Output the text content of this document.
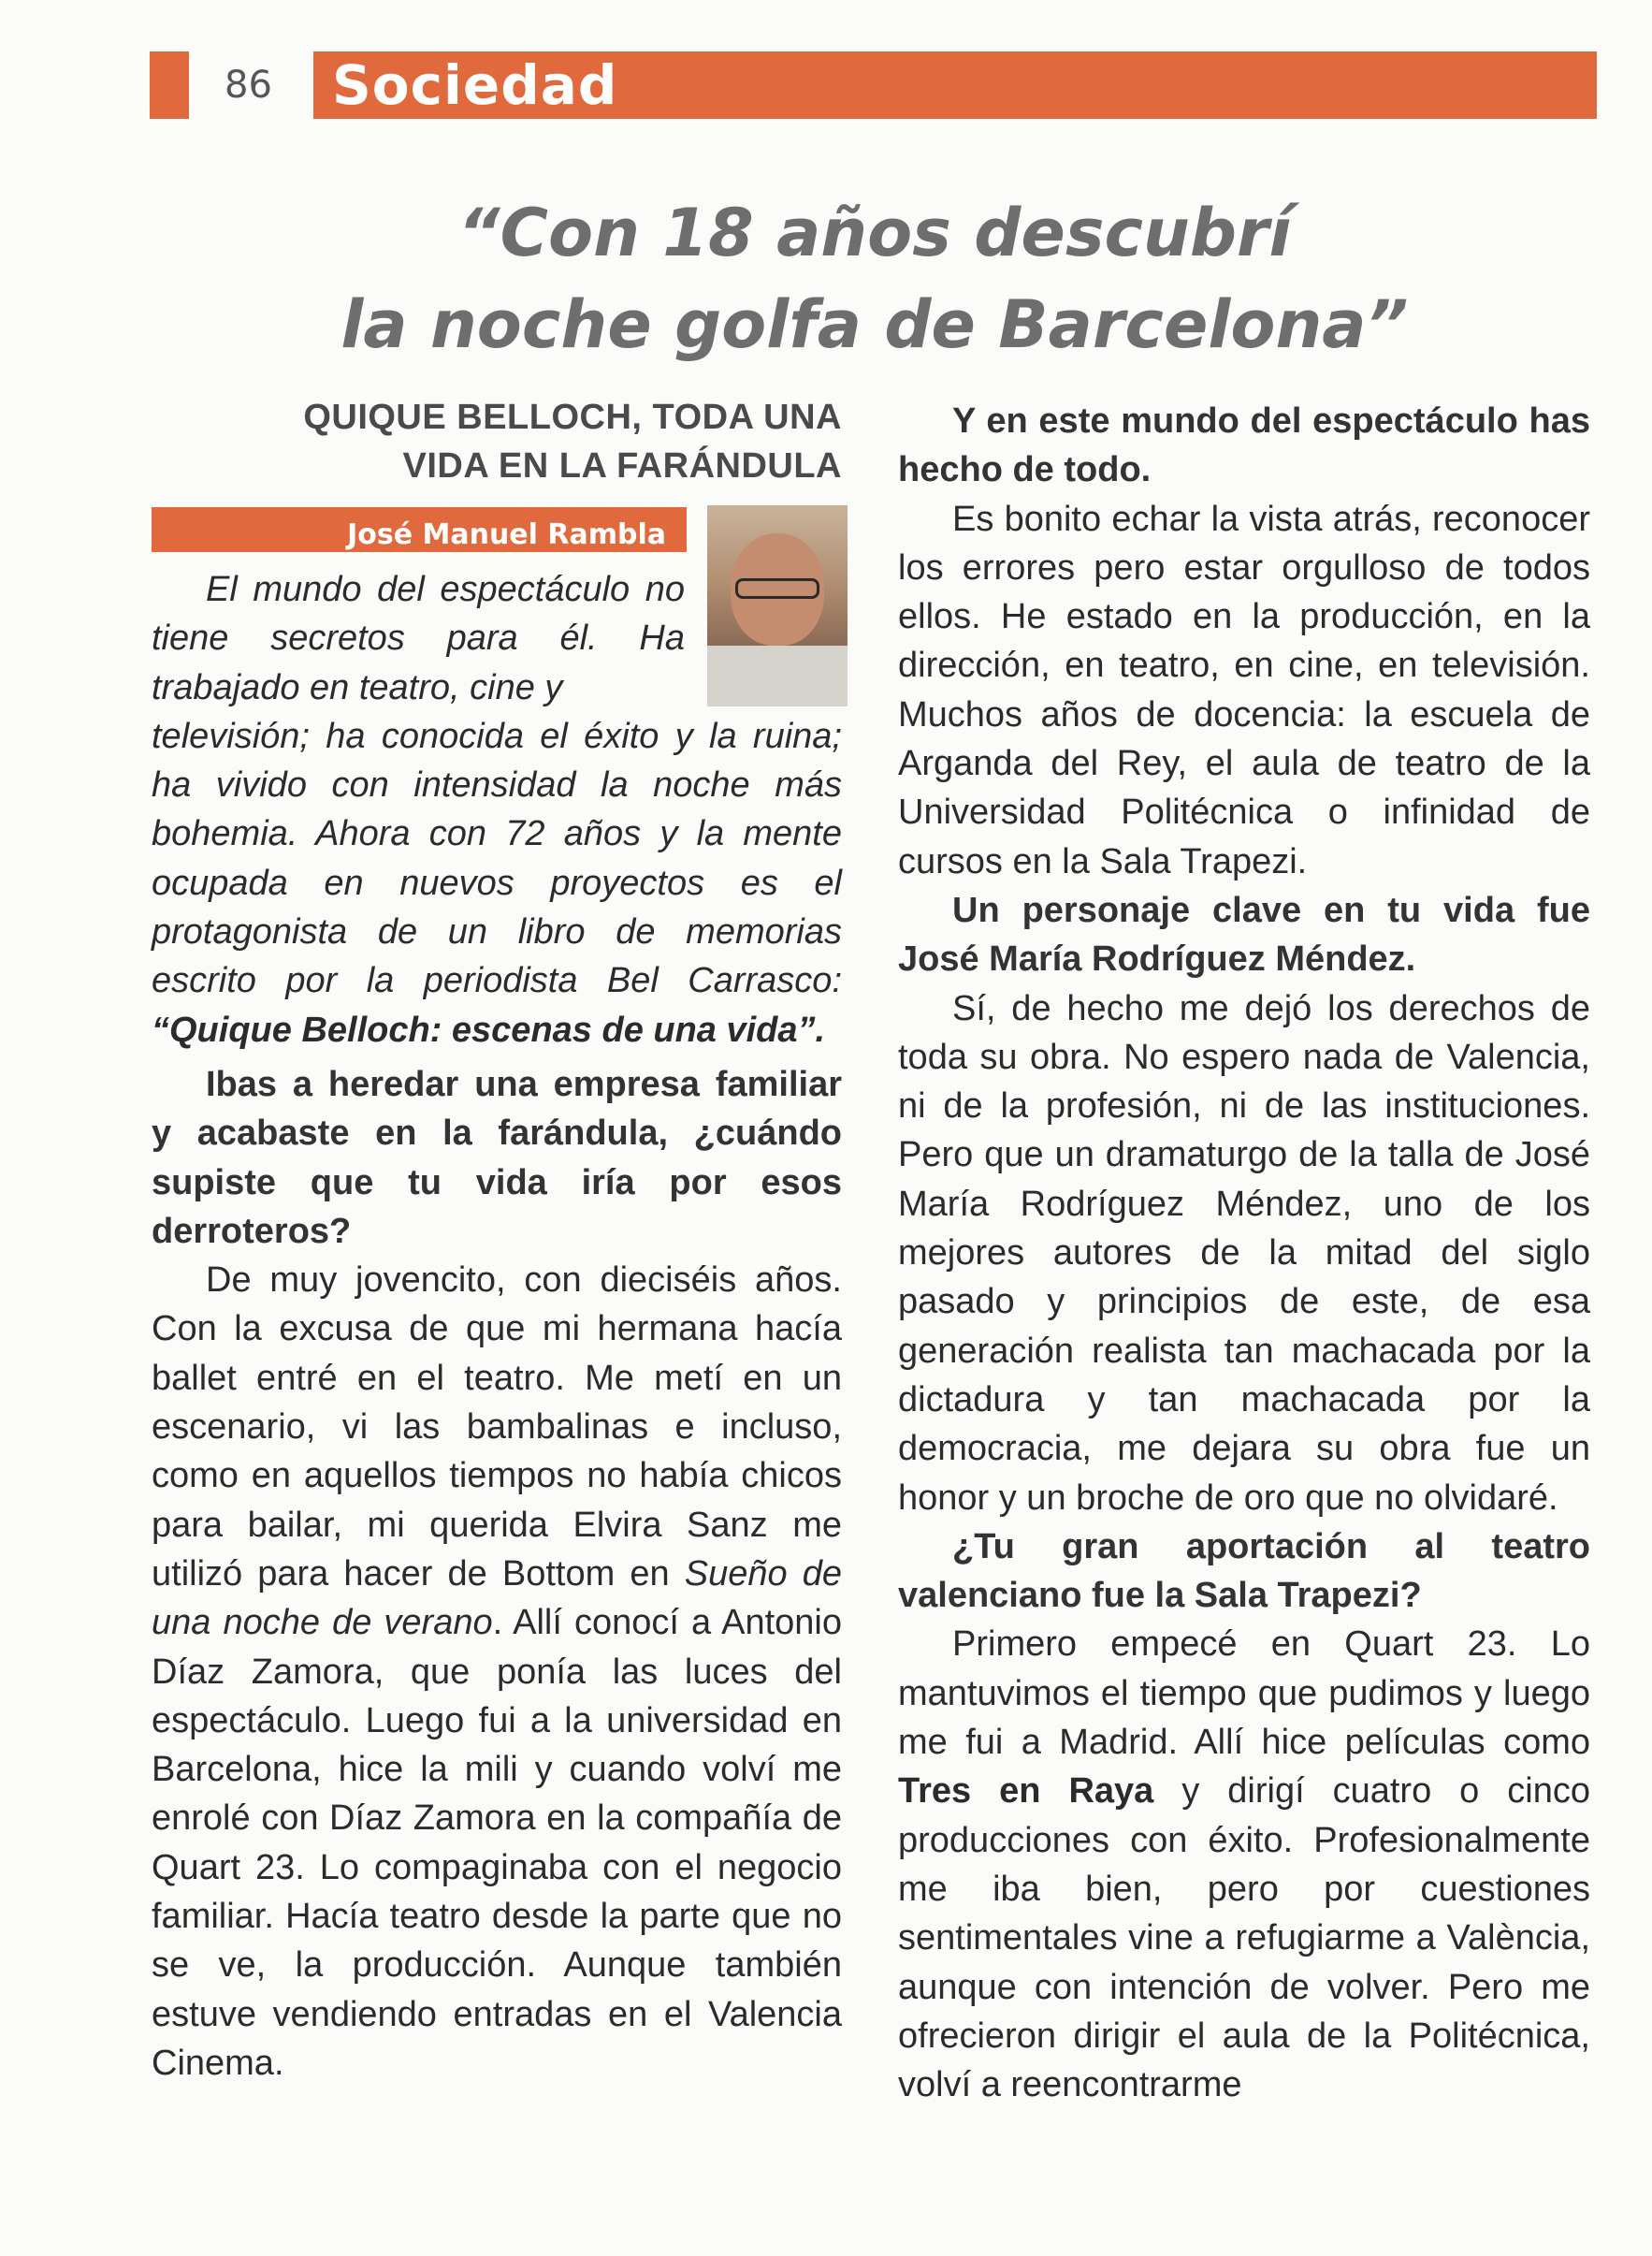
86 Sociedad
“Con 18 años descubrí
la noche golfa de Barcelona”
QUIQUE BELLOCH, TODA UNA
VIDA EN LA FARÁNDULA
José Manuel Rambla

El mundo del espectáculo no tiene secretos para él. Ha trabajado en teatro, cine y
televisión; ha conocida el éxito y la ruina; ha vivido con intensidad la noche más bohemia. Ahora con 72 años y la mente ocupada en nuevos proyectos es el protagonista de un libro de memorias escrito por la periodista Bel Carrasco: “Quique Belloch: escenas de una vida”.

Ibas a heredar una empresa familiar y acabaste en la farándula, ¿cuándo supiste que tu vida iría por esos derroteros?

De muy jovencito, con dieciséis años. Con la excusa de que mi hermana hacía ballet entré en el teatro. Me metí en un escenario, vi las bambalinas e incluso, como en aquellos tiempos no había chicos para bailar, mi querida Elvira Sanz me utilizó para hacer de Bottom en Sueño de una noche de verano. Allí conocí a Antonio Díaz Zamora, que ponía las luces del espectáculo. Luego fui a la universidad en Barcelona, hice la mili y cuando volví me enrolé con Díaz Zamora en la compañía de Quart 23. Lo compaginaba con el negocio familiar. Hacía teatro desde la parte que no se ve, la producción. Aunque también estuve vendiendo entradas en el Valencia Cinema.

Y en este mundo del espectáculo has hecho de todo.

Es bonito echar la vista atrás, reconocer los errores pero estar orgulloso de todos ellos. He estado en la producción, en la dirección, en teatro, en cine, en televisión. Muchos años de docencia: la escuela de Arganda del Rey, el aula de teatro de la Universidad Politécnica o infinidad de cursos en la Sala Trapezi.

Un personaje clave en tu vida fue José María Rodríguez Méndez.

Sí, de hecho me dejó los derechos de toda su obra. No espero nada de Valencia, ni de la profesión, ni de las instituciones. Pero que un dramaturgo de la talla de José María Rodríguez Méndez, uno de los mejores autores de la mitad del siglo pasado y principios de este, de esa generación realista tan machacada por la dictadura y tan machacada por la democracia, me dejara su obra fue un honor y un broche de oro que no olvidaré.

¿Tu gran aportación al teatro valenciano fue la Sala Trapezi?

Primero empecé en Quart 23. Lo mantuvimos el tiempo que pudimos y luego me fui a Madrid. Allí hice películas como Tres en Raya y dirigí cuatro o cinco producciones con éxito. Profesionalmente me iba bien, pero por cuestiones sentimentales vine a refugiarme a València, aunque con intención de volver. Pero me ofrecieron dirigir el aula de la Politécnica, volví a reencontrarme
